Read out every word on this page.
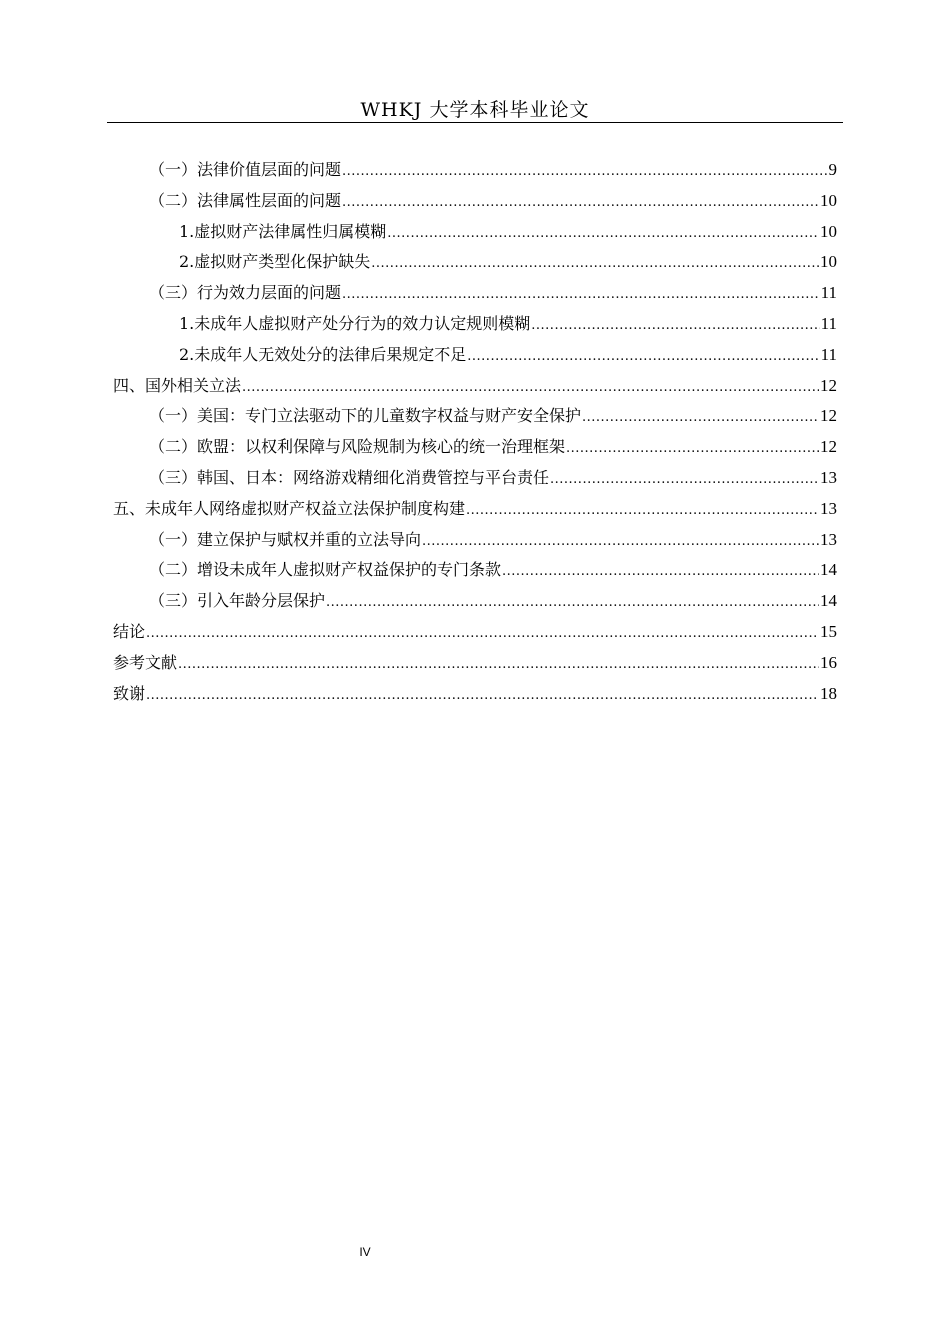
WHKJ 大学本科毕业论文
（一）法律价值层面的问题 .....	9
（二）法律属性层面的问题 .....	10
1.虚拟财产法律属性归属模糊 .....	10
2.虚拟财产类型化保护缺失 .....	10
（三）行为效力层面的问题 .....	11
1.未成年人虚拟财产处分行为的效力认定规则模糊 .....	11
2.未成年人无效处分的法律后果规定不足 .....	11
四、国外相关立法 .....	12
（一）美国：专门立法驱动下的儿童数字权益与财产安全保护 .....	12
（二）欧盟：以权利保障与风险规制为核心的统一治理框架 .....	12
（三）韩国、日本：网络游戏精细化消费管控与平台责任 .....	13
五、未成年人网络虚拟财产权益立法保护制度构建 .....	13
（一）建立保护与赋权并重的立法导向 .....	13
（二）增设未成年人虚拟财产权益保护的专门条款 .....	14
（三）引入年龄分层保护 .....	14
结论 .....	15
参考文献 .....	16
致谢 .....	18
IV
